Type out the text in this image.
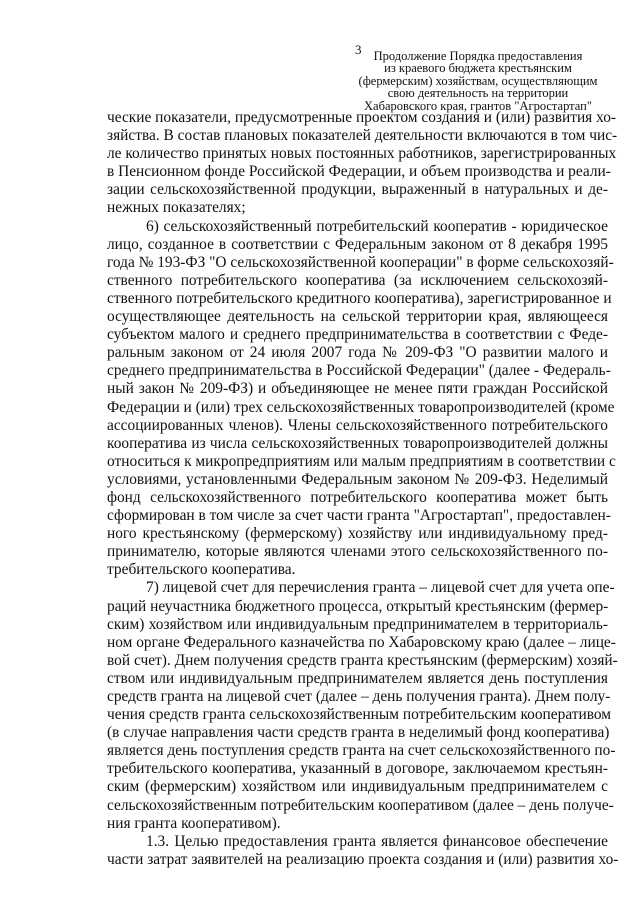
3 Продолжение Порядка предоставления
из краевого бюджета крестьянским
(фермерским) хозяйствам, осуществляющим
свою деятельность на территории
Хабаровского края, грантов "Агростартап"
ческие показатели, предусмотренные проектом создания и (или) развития хо-
зяйства. В состав плановых показателей деятельности включаются в том чис-
ле количество принятых новых постоянных работников, зарегистрированных
в Пенсионном фонде Российской Федерации, и объем производства и реали-
зации сельскохозяйственной продукции, выраженный в натуральных и де-
нежных показателях;
6) сельскохозяйственный потребительский кооператив - юридическое
лицо, созданное в соответствии с Федеральным законом от 8 декабря 1995
года № 193-ФЗ "О сельскохозяйственной кооперации" в форме сельскохозяй-
ственного потребительского кооператива (за исключением сельскохозяй-
ственного потребительского кредитного кооператива), зарегистрированное и
осуществляющее деятельность на сельской территории края, являющееся
субъектом малого и среднего предпринимательства в соответствии с Феде-
ральным законом от 24 июля 2007 года № 209-ФЗ "О развитии малого и
среднего предпринимательства в Российской Федерации" (далее - Федераль-
ный закон № 209-ФЗ) и объединяющее не менее пяти граждан Российской
Федерации и (или) трех сельскохозяйственных товаропроизводителей (кроме
ассоциированных членов). Члены сельскохозяйственного потребительского
кооператива из числа сельскохозяйственных товаропроизводителей должны
относиться к микропредприятиям или малым предприятиям в соответствии с
условиями, установленными Федеральным законом № 209-ФЗ. Неделимый
фонд сельскохозяйственного потребительского кооператива может быть
сформирован в том числе за счет части гранта "Агростартап", предоставлен-
ного крестьянскому (фермерскому) хозяйству или индивидуальному пред-
принимателю, которые являются членами этого сельскохозяйственного по-
требительского кооператива.
7) лицевой счет для перечисления гранта – лицевой счет для учета опе-
раций неучастника бюджетного процесса, открытый крестьянским (фермер-
ским) хозяйством или индивидуальным предпринимателем в территориаль-
ном органе Федерального казначейства по Хабаровскому краю (далее – лице-
вой счет). Днем получения средств гранта крестьянским (фермерским) хозяй-
ством или индивидуальным предпринимателем является день поступления
средств гранта на лицевой счет (далее – день получения гранта). Днем полу-
чения средств гранта сельскохозяйственным потребительским кооперативом
(в случае направления части средств гранта в неделимый фонд кооператива)
является день поступления средств гранта на счет сельскохозяйственного по-
требительского кооператива, указанный в договоре, заключаемом крестьян-
ским (фермерским) хозяйством или индивидуальным предпринимателем с
сельскохозяйственным потребительским кооперативом (далее – день получе-
ния гранта кооперативом).
1.3. Целью предоставления гранта является финансовое обеспечение
части затрат заявителей на реализацию проекта создания и (или) развития хо-
